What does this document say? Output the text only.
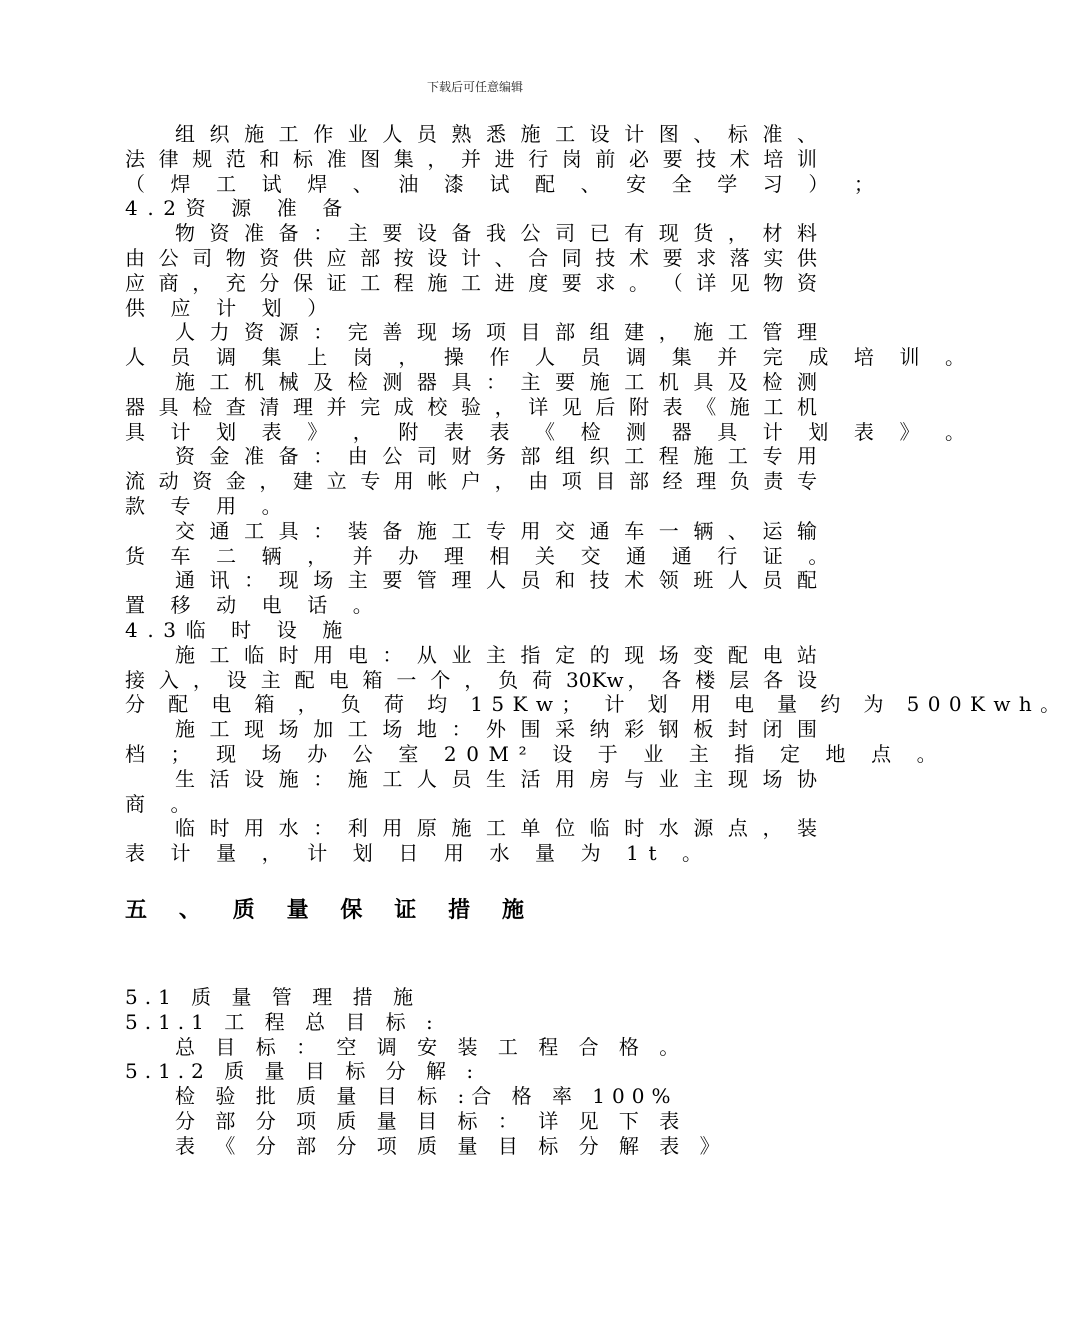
下载后可任意编辑
组 织 施 工 作 业 人 员 熟 悉 施 工 设 计 图 、 标 准 、
法 律 规 范 和 标 准 图 集 ， 并 进 行 岗 前 必 要 技 术 培 训
（ 焊 工 试 焊 、 油 漆 试 配 、 安 全 学 习 ） ；
4.2资 源 准 备
物 资 准 备 ： 主 要 设 备 我 公 司 已 有 现 货 ， 材 料
由 公 司 物 资 供 应 部 按 设 计 、 合 同 技 术 要 求 落 实 供
应 商 ， 充 分 保 证 工 程 施 工 进 度 要 求 。 （ 详 见 物 资
供 应 计 划 ）
人 力 资 源 ： 完 善 现 场 项 目 部 组 建 ， 施 工 管 理
人 员 调 集 上 岗 ， 操 作 人 员 调 集 并 完 成 培 训 。
施 工 机 械 及 检 测 器 具 ： 主 要 施 工 机 具 及 检 测
器 具 检 查 清 理 并 完 成 校 验 ， 详 见 后 附 表 《 施 工 机
具 计 划 表 》 ， 附 表 表 《 检 测 器 具 计 划 表 》 。
资 金 准 备 ： 由 公 司 财 务 部 组 织 工 程 施 工 专 用
流 动 资 金 ， 建 立 专 用 帐 户 ， 由 项 目 部 经 理 负 责 专
款 专 用 。
交 通 工 具 ： 装 备 施 工 专 用 交 通 车 一 辆 、 运 输
货 车 二 辆 ， 并 办 理 相 关 交 通 通 行 证 。
通 讯 ： 现 场 主 要 管 理 人 员 和 技 术 领 班 人 员 配
置 移 动 电 话 。
4.3临 时 设 施
施 工 临 时 用 电 ： 从 业 主 指 定 的 现 场 变 配 电 站
接 入 ， 设 主 配 电 箱 一 个 ， 负 荷 30Kw， 各 楼 层 各 设
分 配 电 箱 ， 负 荷 均 15Kw； 计 划 用 电 量 约 为 500Kwh。
施 工 现 场 加 工 场 地 ： 外 围 采 纳 彩 钢 板 封 闭 围
档 ； 现 场 办 公 室 20M² 设 于 业 主 指 定 地 点 。
生 活 设 施 ： 施 工 人 员 生 活 用 房 与 业 主 现 场 协
商 。
临 时 用 水 ： 利 用 原 施 工 单 位 临 时 水 源 点 ， 装
表 计 量 ， 计 划 日 用 水 量 为 1t 。
五 、 质 量 保 证 措 施
5.1 质 量 管 理 措 施
5.1.1 工 程 总 目 标 :
总 目 标 ： 空 调 安 装 工 程 合 格 。
5.1.2 质 量 目 标 分 解 :
检 验 批 质 量 目 标 :合 格 率 100%
分 部 分 项 质 量 目 标 ： 详 见 下 表
表 《 分 部 分 项 质 量 目 标 分 解 表 》
